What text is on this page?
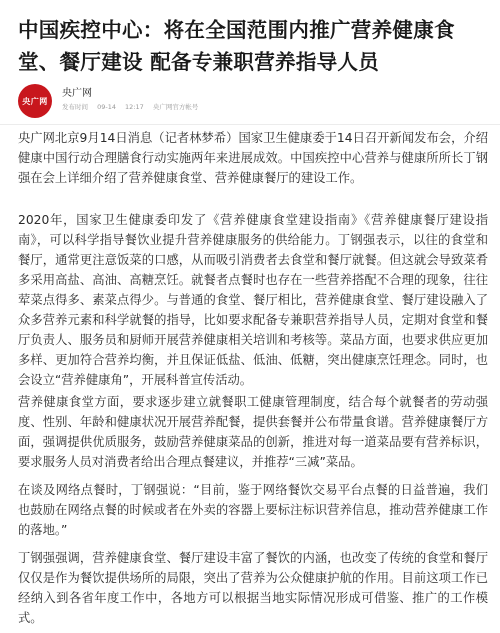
中国疾控中心：将在全国范围内推广营养健康食堂、餐厅建设 配备专兼职营养指导人员
央广网
央广网
发布时间 09-14 12:17 央广网官方帐号

央广网北京9月14日消息（记者林梦希）国家卫生健康委于14日召开新闻发布会，介绍健康中国行动合理膳食行动实施两年来进展成效。中国疾控中心营养与健康所所长丁钢强在会上详细介绍了营养健康食堂、营养健康餐厅的建设工作。

2020年，国家卫生健康委印发了《营养健康食堂建设指南》《营养健康餐厅建设指南》，可以科学指导餐饮业提升营养健康服务的供给能力。丁钢强表示，以往的食堂和餐厅，通常更注意饭菜的口感，从而吸引消费者去食堂和餐厅就餐。但这就会导致菜肴多采用高盐、高油、高糖烹饪。就餐者点餐时也存在一些营养搭配不合理的现象，往往荤菜点得多、素菜点得少。与普通的食堂、餐厅相比，营养健康食堂、餐厅建设融入了众多营养元素和科学就餐的指导，比如要求配备专兼职营养指导人员，定期对食堂和餐厅负责人、服务员和厨师开展营养健康相关培训和考核等。菜品方面，也要求供应更加多样、更加符合营养均衡，并且保证低盐、低油、低糖，突出健康烹饪理念。同时，也会设立“营养健康角”，开展科普宣传活动。

营养健康食堂方面，要求逐步建立就餐职工健康管理制度，结合每个就餐者的劳动强度、性别、年龄和健康状况开展营养配餐，提供套餐并公布带量食谱。营养健康餐厅方面，强调提供优质服务，鼓励营养健康菜品的创新，推进对每一道菜品要有营养标识，要求服务人员对消费者给出合理点餐建议，并推荐“三减”菜品。

在谈及网络点餐时，丁钢强说：“目前，鉴于网络餐饮交易平台点餐的日益普遍，我们也鼓励在网络点餐的时候或者在外卖的容器上要标注标识营养信息，推动营养健康工作的落地。”

丁钢强强调，营养健康食堂、餐厅建设丰富了餐饮的内涵，也改变了传统的食堂和餐厅仅仅是作为餐饮提供场所的局限，突出了营养为公众健康护航的作用。目前这项工作已经纳入到各省年度工作中，各地方可以根据当地实际情况形成可借鉴、推广的工作模式。
